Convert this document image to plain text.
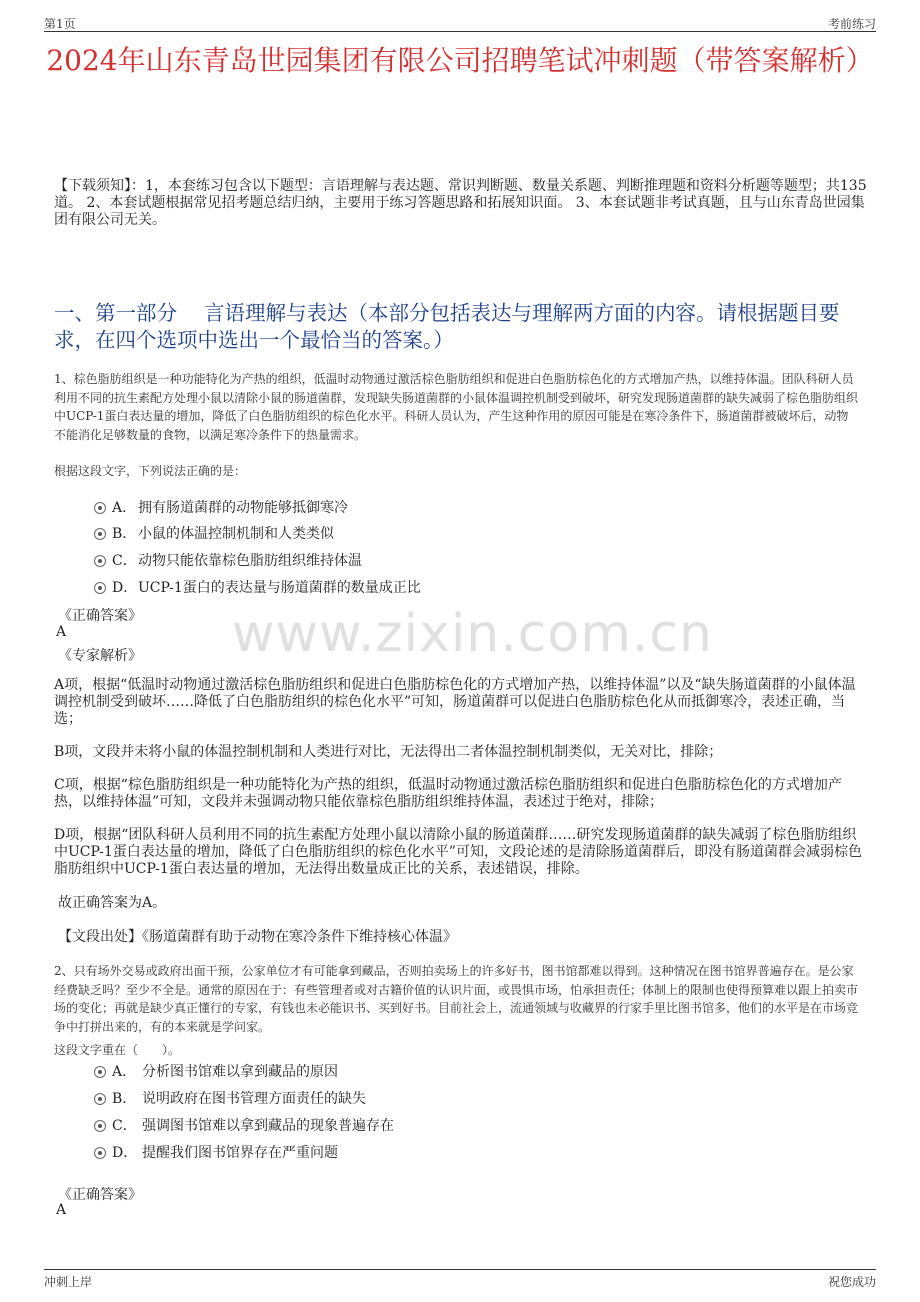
第1页	考前练习
2024年山东青岛世园集团有限公司招聘笔试冲刺题（带答案解析）
【下载须知】：1，本套练习包含以下题型：言语理解与表达题、常识判断题、数量关系题、判断推理题和资料分析题等题型；共135道。 2、本套试题根据常见招考题总结归纳，主要用于练习答题思路和拓展知识面。 3、本套试题非考试真题，且与山东青岛世园集团有限公司无关。
一、第一部分　 言语理解与表达（本部分包括表达与理解两方面的内容。请根据题目要求，在四个选项中选出一个最恰当的答案。）
1、棕色脂肪组织是一种功能特化为产热的组织，低温时动物通过激活棕色脂肪组织和促进白色脂肪棕色化的方式增加产热，以维持体温。团队科研人员利用不同的抗生素配方处理小鼠以清除小鼠的肠道菌群，发现缺失肠道菌群的小鼠体温调控机制受到破坏，研究发现肠道菌群的缺失减弱了棕色脂肪组织中UCP-1蛋白表达量的增加，降低了白色脂肪组织的棕色化水平。科研人员认为，产生这种作用的原因可能是在寒冷条件下，肠道菌群被破坏后，动物不能消化足够数量的食物，以满足寒冷条件下的热量需求。
根据这段文字，下列说法正确的是：
A． 拥有肠道菌群的动物能够抵御寒冷
B． 小鼠的体温控制机制和人类类似
C． 动物只能依靠棕色脂肪组织维持体温
D． UCP-1蛋白的表达量与肠道菌群的数量成正比
《正确答案》
A
《专家解析》
A项，根据“低温时动物通过激活棕色脂肪组织和促进白色脂肪棕色化的方式增加产热，以维持体温”以及“缺失肠道菌群的小鼠体温调控机制受到破坏……降低了白色脂肪组织的棕色化水平”可知，肠道菌群可以促进白色脂肪棕色化从而抵御寒冷，表述正确，当选；
B项，文段并未将小鼠的体温控制机制和人类进行对比，无法得出二者体温控制机制类似，无关对比，排除；
C项，根据“棕色脂肪组织是一种功能特化为产热的组织，低温时动物通过激活棕色脂肪组织和促进白色脂肪棕色化的方式增加产热，以维持体温”可知，文段并未强调动物只能依靠棕色脂肪组织维持体温，表述过于绝对，排除；
D项，根据“团队科研人员利用不同的抗生素配方处理小鼠以清除小鼠的肠道菌群……研究发现肠道菌群的缺失减弱了棕色脂肪组织中UCP-1蛋白表达量的增加，降低了白色脂肪组织的棕色化水平”可知，文段论述的是清除肠道菌群后，即没有肠道菌群会减弱棕色脂肪组织中UCP-1蛋白表达量的增加，无法得出数量成正比的关系，表述错误，排除。
故正确答案为A。
【文段出处】《肠道菌群有助于动物在寒冷条件下维持核心体温》
2、只有场外交易或政府出面干预，公家单位才有可能拿到藏品，否则拍卖场上的许多好书，图书馆都难以得到。这种情况在图书馆界普遍存在。是公家经费缺乏吗？至少不全是。通常的原因在于：有些管理者或对古籍价值的认识片面，或畏惧市场，怕承担责任；体制上的限制也使得预算难以跟上拍卖市场的变化；再就是缺少真正懂行的专家，有钱也未必能识书、买到好书。目前社会上，流通领域与收藏界的行家手里比图书馆多，他们的水平是在市场竞争中打拼出来的，有的本来就是学问家。
这段文字重在（　　）。
A． 分析图书馆难以拿到藏品的原因
B． 说明政府在图书管理方面责任的缺失
C． 强调图书馆难以拿到藏品的现象普遍存在
D． 提醒我们图书馆界存在严重问题
《正确答案》
A
www.zixin.com.cn
冲刺上岸	祝您成功
